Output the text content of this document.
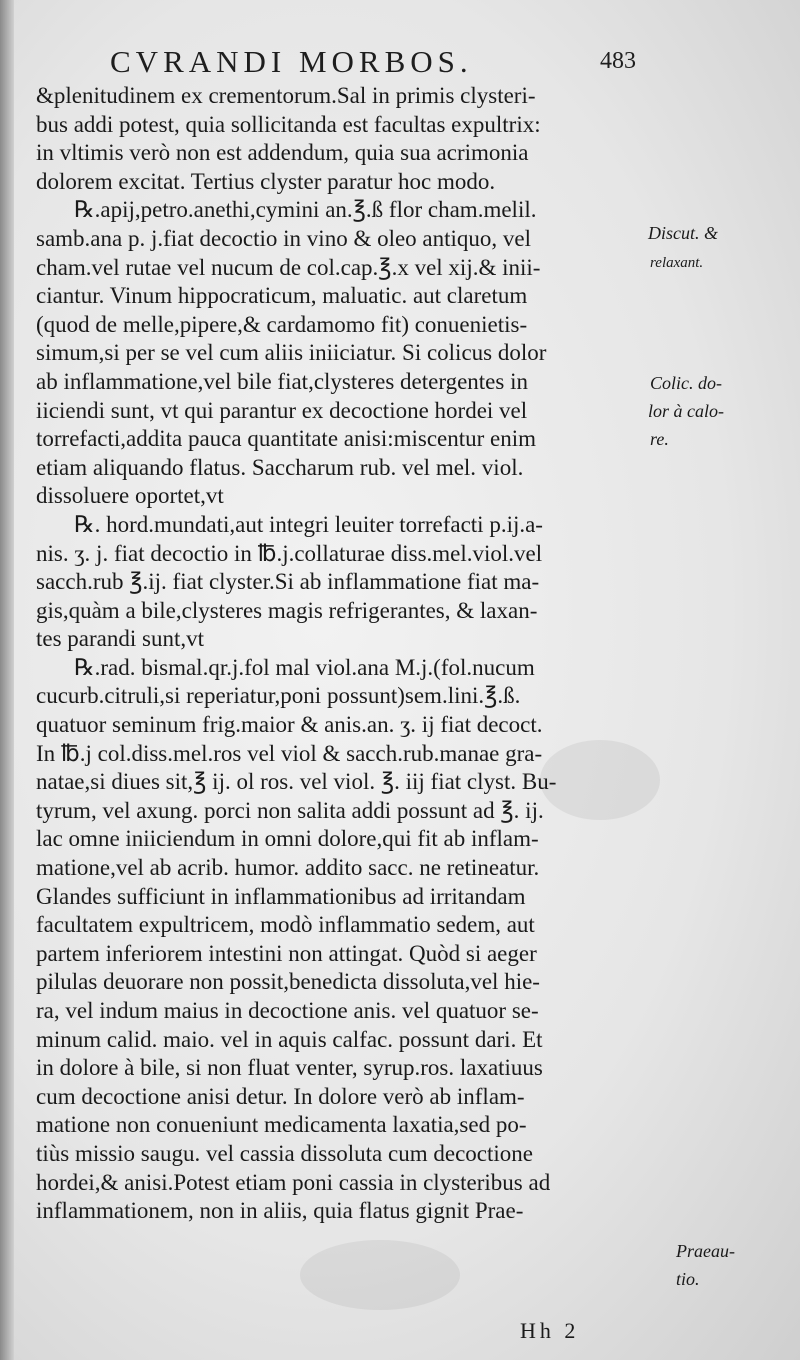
CVRANDI MORBOS.	483
&plenitudinem ex crementorum.Sal in primis clysteri-
bus addi potest, quia sollicitanda est facultas expultrix:
in vltimis verò non est addendum, quia sua acrimonia
dolorem excitat. Tertius clyster paratur hoc modo.
℞.apij,petro.anethi,cymini an.℥.ß flor cham.melil.
samb.ana p. j.fiat decoctio in vino & oleo antiquo, vel
cham.vel rutae vel nucum de col.cap.℥.x vel xij.& inii-
ciantur. Vinum hippocraticum, maluatic. aut claretum
(quod de melle,pipere,& cardamomo fit) conuenietis-
simum,si per se vel cum aliis iniiciatur. Si colicus dolor
ab inflammatione,vel bile fiat,clysteres detergentes in
iiciendi sunt, vt qui parantur ex decoctione hordei vel
torrefacti,addita pauca quantitate anisi:miscentur enim
etiam aliquando flatus. Saccharum rub. vel mel. viol.
dissoluere oportet,vt
℞. hord.mundati,aut integri leuiter torrefacti p.ij.a-
nis. ʒ. j. fiat decoctio in ℔.j.collaturae diss.mel.viol.vel
sacch.rub ℥.ij. fiat clyster.Si ab inflammatione fiat ma-
gis,quàm a bile,clysteres magis refrigerantes, & laxan-
tes parandi sunt,vt
℞.rad. bismal.qr.j.fol mal viol.ana M.j.(fol.nucum
cucurb.citruli,si reperiatur,poni possunt)sem.lini.℥.ß.
quatuor seminum frig.maior & anis.an. ʒ. ij fiat decoct.
In ℔.j col.diss.mel.ros vel viol & sacch.rub.manae gra-
natae,si diues sit,℥ ij. ol ros. vel viol. ℥. iij fiat clyst. Bu-
tyrum, vel axung. porci non salita addi possunt ad ℥. ij.
lac omne iniiciendum in omni dolore,qui fit ab inflam-
matione,vel ab acrib. humor. addito sacc. ne retineatur.
Glandes sufficiunt in inflammationibus ad irritandam
facultatem expultricem, modò inflammatio sedem, aut
partem inferiorem intestini non attingat. Quòd si aeger
pilulas deuorare non possit,benedicta dissoluta,vel hie-
ra, vel indum maius in decoctione anis. vel quatuor se-
minum calid. maio. vel in aquis calfac. possunt dari. Et
in dolore à bile, si non fluat venter, syrup.ros. laxatiuus
cum decoctione anisi detur. In dolore verò ab inflam-
matione non conueniunt medicamenta laxatia,sed po-
tiùs missio saugu. vel cassia dissoluta cum decoctione
hordei,& anisi.Potest etiam poni cassia in clysteribus ad
inflammationem, non in aliis, quia flatus gignit Prae-
Discut. &
relaxant.
Colic. do-
lor à calo-
re.
Praeau-
tio.
Hh 2
